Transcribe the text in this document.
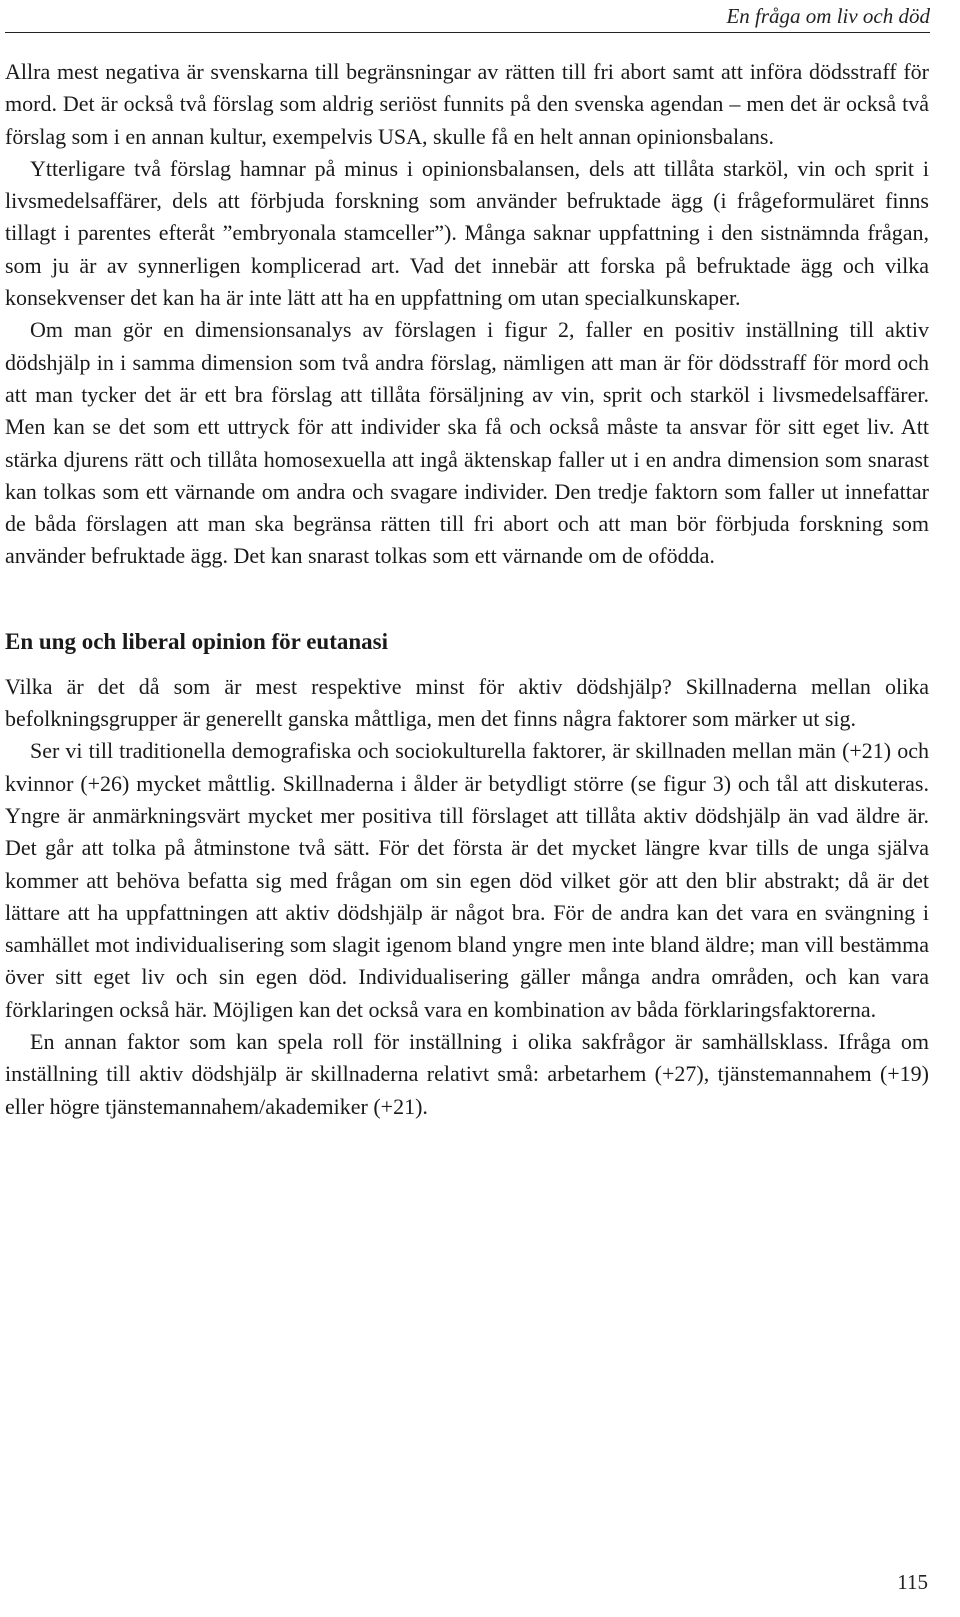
En fråga om liv och död

Allra mest negativa är svenskarna till begränsningar av rätten till fri abort samt att införa dödsstraff för mord. Det är också två förslag som aldrig seriöst funnits på den svenska agendan – men det är också två förslag som i en annan kultur, exempelvis USA, skulle få en helt annan opinionsbalans.

Ytterligare två förslag hamnar på minus i opinionsbalansen, dels att tillåta starköl, vin och sprit i livsmedelsaffärer, dels att förbjuda forskning som använder befruktade ägg (i frågeformuläret finns tillagt i parentes efteråt ”embryonala stamceller”). Många saknar uppfattning i den sistnämnda frågan, som ju är av synnerligen komplicerad art. Vad det innebär att forska på befruktade ägg och vilka konsekvenser det kan ha är inte lätt att ha en uppfattning om utan specialkunskaper.

Om man gör en dimensionsanalys av förslagen i figur 2, faller en positiv inställning till aktiv dödshjälp in i samma dimension som två andra förslag, nämligen att man är för dödsstraff för mord och att man tycker det är ett bra förslag att tillåta försäljning av vin, sprit och starköl i livsmedelsaffärer. Men kan se det som ett uttryck för att individer ska få och också måste ta ansvar för sitt eget liv. Att stärka djurens rätt och tillåta homosexuella att ingå äktenskap faller ut i en andra dimension som snarast kan tolkas som ett värnande om andra och svagare individer. Den tredje faktorn som faller ut innefattar de båda förslagen att man ska begränsa rätten till fri abort och att man bör förbjuda forskning som använder befruktade ägg. Det kan snarast tolkas som ett värnande om de ofödda.

En ung och liberal opinion för eutanasi

Vilka är det då som är mest respektive minst för aktiv dödshjälp? Skillnaderna mellan olika befolkningsgrupper är generellt ganska måttliga, men det finns några faktorer som märker ut sig.

Ser vi till traditionella demografiska och sociokulturella faktorer, är skillnaden mellan män (+21) och kvinnor (+26) mycket måttlig. Skillnaderna i ålder är betydligt större (se figur 3) och tål att diskuteras. Yngre är anmärkningsvärt mycket mer positiva till förslaget att tillåta aktiv dödshjälp än vad äldre är. Det går att tolka på åtminstone två sätt. För det första är det mycket längre kvar tills de unga själva kommer att behöva befatta sig med frågan om sin egen död vilket gör att den blir abstrakt; då är det lättare att ha uppfattningen att aktiv dödshjälp är något bra. För de andra kan det vara en svängning i samhället mot individualisering som slagit igenom bland yngre men inte bland äldre; man vill bestämma över sitt eget liv och sin egen död. Individualisering gäller många andra områden, och kan vara förklaringen också här. Möjligen kan det också vara en kombination av båda förklaringsfaktorerna.

En annan faktor som kan spela roll för inställning i olika sakfrågor är samhällsklass. Ifråga om inställning till aktiv dödshjälp är skillnaderna relativt små: arbetarhem (+27), tjänstemannahem (+19) eller högre tjänstemannahem/akademiker (+21).

115
